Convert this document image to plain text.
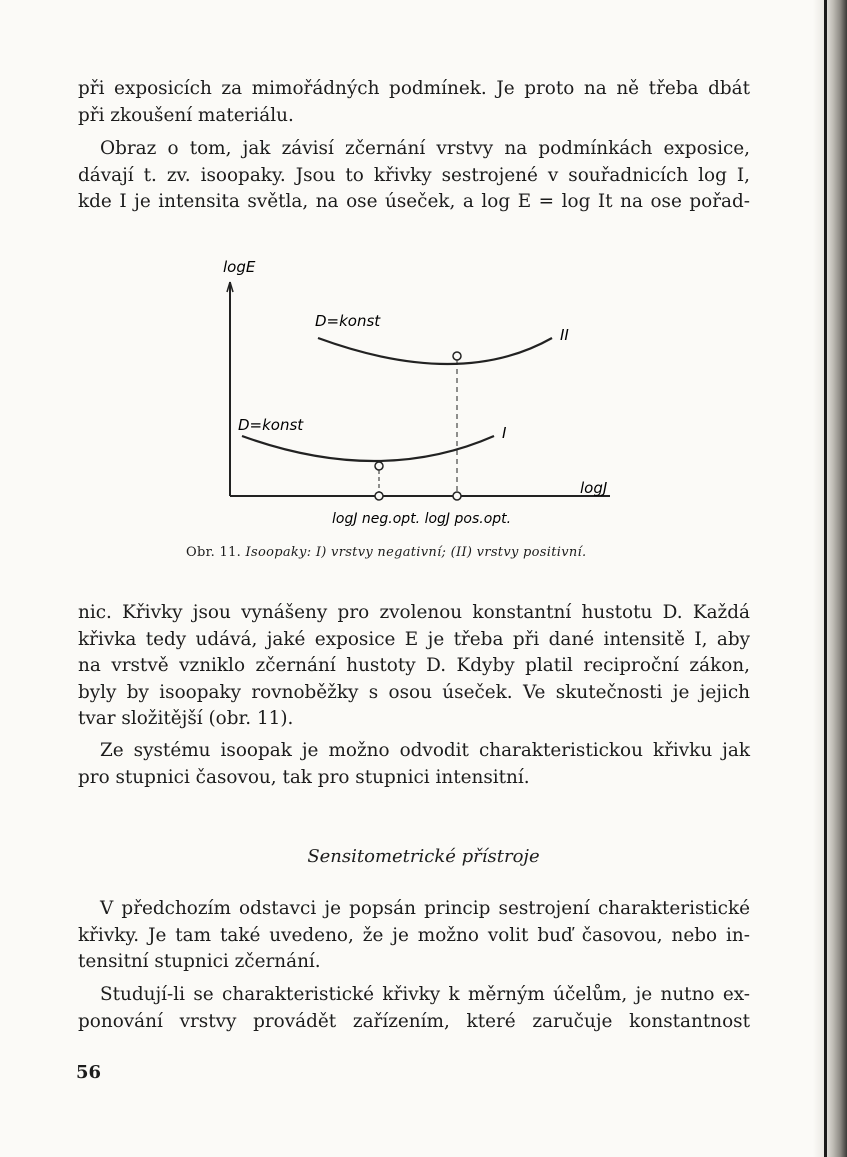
při exposicích za mimořádných podmínek. Je proto na ně třeba dbát
při zkoušení materiálu.
Obraz o tom, jak závisí zčernání vrstvy na podmínkách exposice,
dávají t. zv. isoopaky. Jsou to křivky sestrojené v souřadnicích log I,
kde I je intensita světla, na ose úseček, a log E = log It na ose pořad-
logE
logJ
D=konst
II
D=konst	I
logJ neg.opt. logJ pos.opt.
Obr. 11. Isoopaky: I) vrstvy negativní; (II) vrstvy positivní.
nic. Křivky jsou vynášeny pro zvolenou konstantní hustotu D. Každá
křivka tedy udává, jaké exposice E je třeba při dané intensitě I, aby
na vrstvě vzniklo zčernání hustoty D. Kdyby platil reciproční zákon,
byly by isoopaky rovnoběžky s osou úseček. Ve skutečnosti je jejich
tvar složitější (obr. 11).
Ze systému isoopak je možno odvodit charakteristickou křivku jak
pro stupnici časovou, tak pro stupnici intensitní.
Sensitometrické přístroje
V předchozím odstavci je popsán princip sestrojení charakteristické
křivky. Je tam také uvedeno, že je možno volit buď časovou, nebo in-
tensitní stupnici zčernání.
Studují-li se charakteristické křivky k měrným účelům, je nutno ex-
ponování vrstvy provádět zařízením, které zaručuje konstantnost
56
